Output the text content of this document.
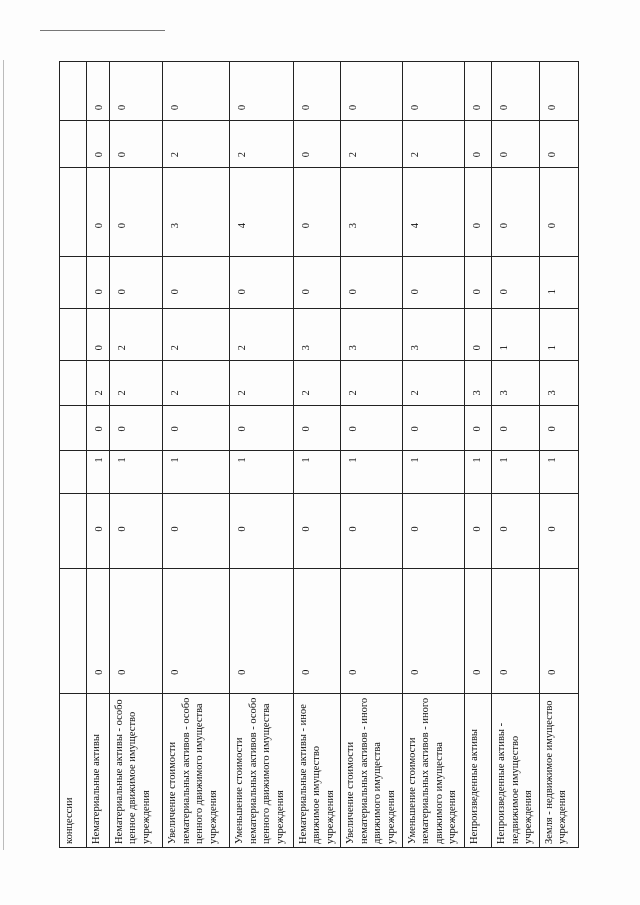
концессии										
Нематериальные активы	0	0	1	0	2	0	0	0	0	0
Нематериальные активы - особо ценное движимое имущество учреждения	0	0	1	0	2	2	0	0	0	0
Увеличение стоимости нематериальных активов - особо ценного движимого имущества учреждения	0	0	1	0	2	2	0	3	2	0
Уменьшение стоимости нематериальных активов - особо ценного движимого имущества учреждения	0	0	1	0	2	2	0	4	2	0
Нематериальные активы - иное движимое имущество учреждения	0	0	1	0	2	3	0	0	0	0
Увеличение стоимости нематериальных активов - иного движимого имущества учреждения	0	0	1	0	2	3	0	3	2	0
Уменьшение стоимости нематериальных активов - иного движимого имущества учреждения	0	0	1	0	2	3	0	4	2	0
Непроизведенные активы	0	0	1	0	3	0	0	0	0	0
Непроизведенные активы - недвижимое имущество учреждения	0	0	1	0	3	1	0	0	0	0
Земля - недвижимое имущество учреждения	0	0	1	0	3	1	1	0	0	0
